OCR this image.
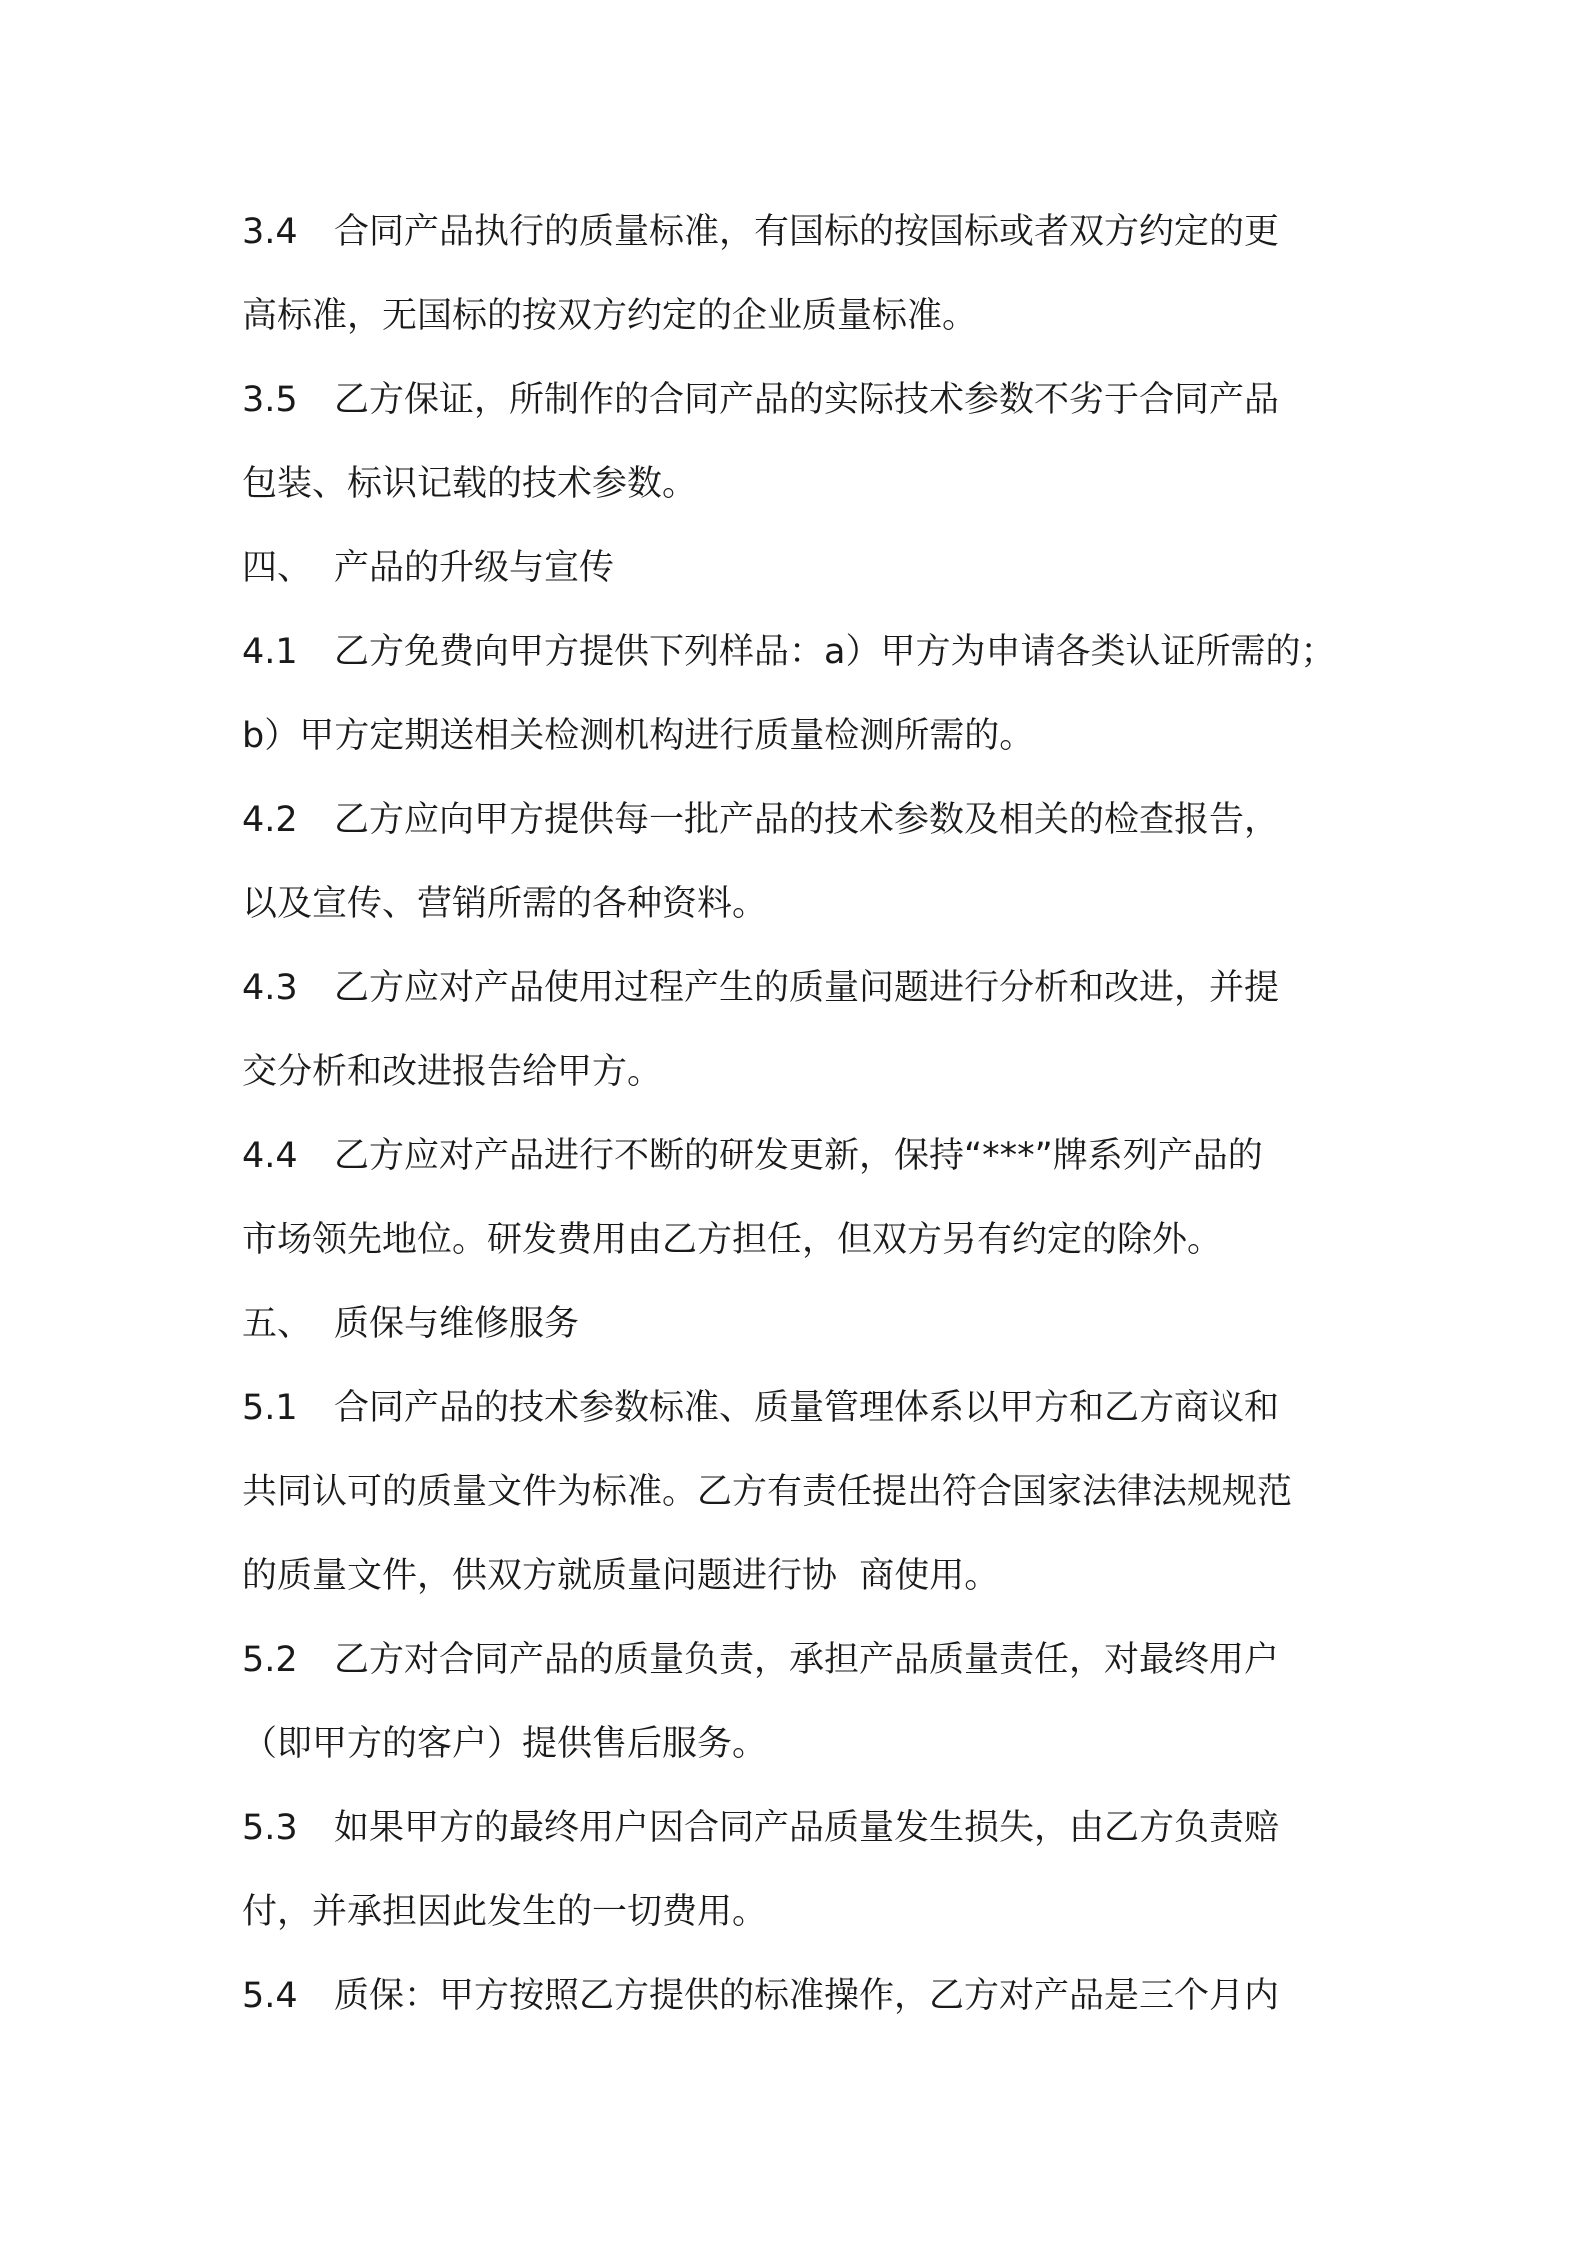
3.4 合同产品执行的质量标准，有国标的按国标或者双方约定的更
高标准，无国标的按双方约定的企业质量标准。
3.5 乙方保证，所制作的合同产品的实际技术参数不劣于合同产品
包装、标识记载的技术参数。
四、 产品的升级与宣传
4.1 乙方免费向甲方提供下列样品：a）甲方为申请各类认证所需的；
b）甲方定期送相关检测机构进行质量检测所需的。
4.2 乙方应向甲方提供每一批产品的技术参数及相关的检查报告，
以及宣传、营销所需的各种资料。
4.3 乙方应对产品使用过程产生的质量问题进行分析和改进，并提
交分析和改进报告给甲方。
4.4 乙方应对产品进行不断的研发更新，保持“***”牌系列产品的
市场领先地位。研发费用由乙方担任，但双方另有约定的除外。
五、 质保与维修服务
5.1 合同产品的技术参数标准、质量管理体系以甲方和乙方商议和
共同认可的质量文件为标准。乙方有责任提出符合国家法律法规规范
的质量文件，供双方就质量问题进行协  商使用。
5.2 乙方对合同产品的质量负责，承担产品质量责任，对最终用户
（即甲方的客户）提供售后服务。
5.3 如果甲方的最终用户因合同产品质量发生损失，由乙方负责赔
付，并承担因此发生的一切费用。
5.4 质保：甲方按照乙方提供的标准操作，乙方对产品是三个月内
